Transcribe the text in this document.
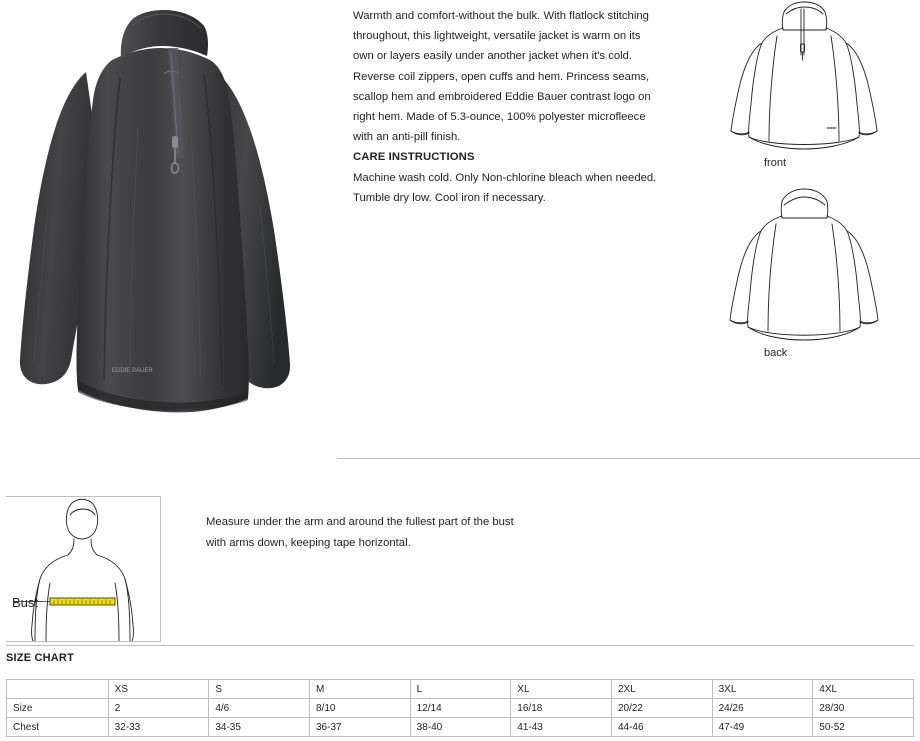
EDDIE BAUER

Warmth and comfort-without the bulk. With flatlock stitching throughout, this lightweight, versatile jacket is warm on its own or layers easily under another jacket when it's cold. Reverse coil zippers, open cuffs and hem. Princess seams, scallop hem and embroidered Eddie Bauer contrast logo on right hem. Made of 5.3-ounce, 100% polyester microfleece with an anti-pill finish.

CARE INSTRUCTIONS

Machine wash cold. Only Non-chlorine bleach when needed. Tumble dry low. Cool iron if necessary.

front
back
Bust

Measure under the arm and around the fullest part of the bust with arms down, keeping tape horizontal.

SIZE CHART
	XS	S	M	L	XL	2XL	3XL	4XL
Size	2	4/6	8/10	12/14	16/18	20/22	24/26	28/30
Chest	32-33	34-35	36-37	38-40	41-43	44-46	47-49	50-52
